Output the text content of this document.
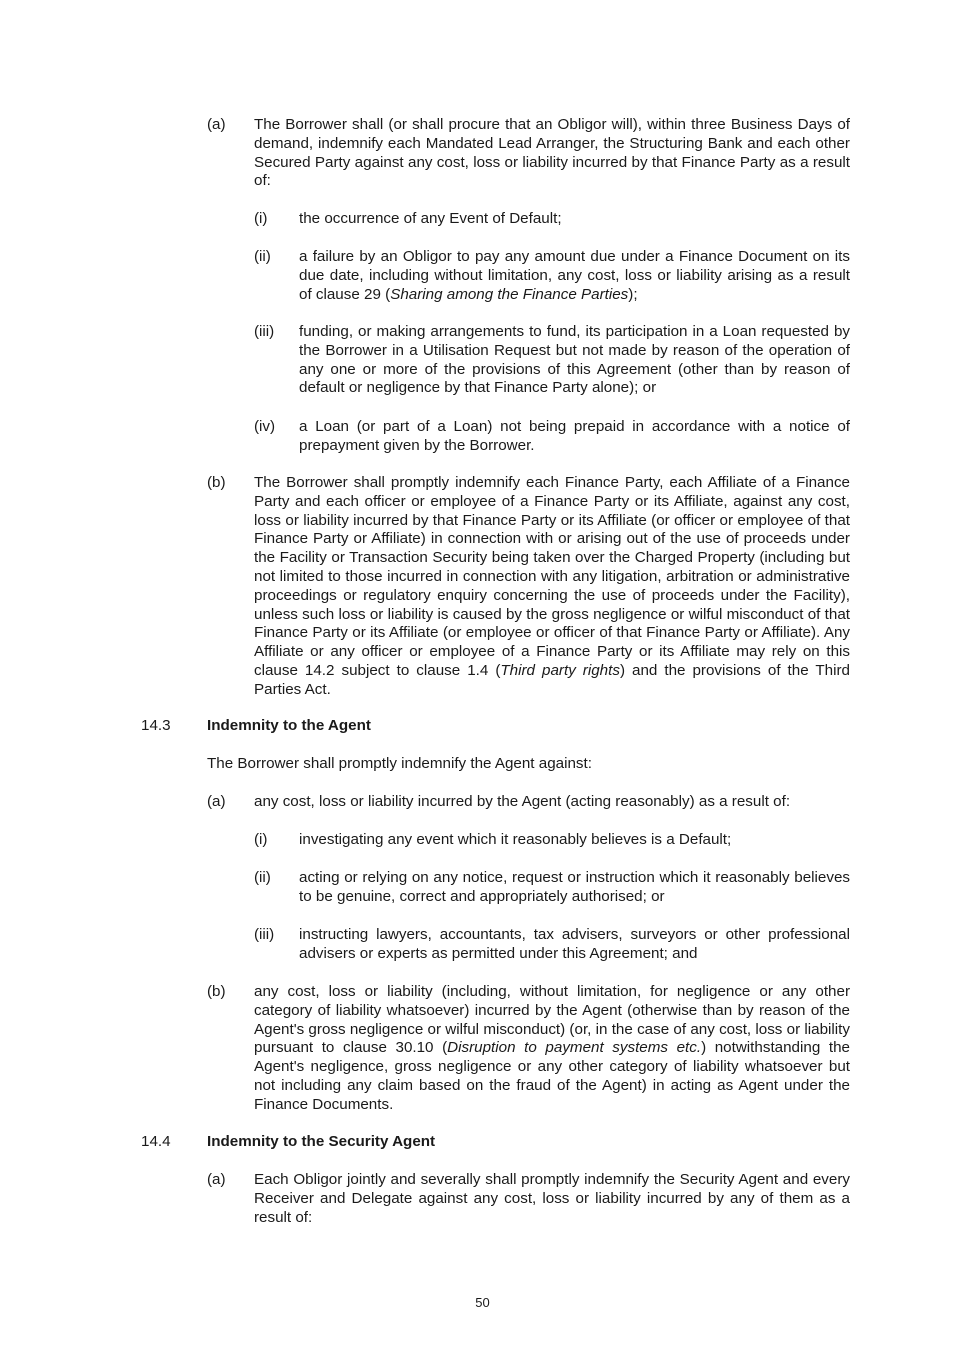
(a) The Borrower shall (or shall procure that an Obligor will), within three Business Days of demand, indemnify each Mandated Lead Arranger, the Structuring Bank and each other Secured Party against any cost, loss or liability incurred by that Finance Party as a result of:

(i) the occurrence of any Event of Default;

(ii) a failure by an Obligor to pay any amount due under a Finance Document on its due date, including without limitation, any cost, loss or liability arising as a result of clause 29 (Sharing among the Finance Parties);

(iii) funding, or making arrangements to fund, its participation in a Loan requested by the Borrower in a Utilisation Request but not made by reason of the operation of any one or more of the provisions of this Agreement (other than by reason of default or negligence by that Finance Party alone); or

(iv) a Loan (or part of a Loan) not being prepaid in accordance with a notice of prepayment given by the Borrower.

(b) The Borrower shall promptly indemnify each Finance Party, each Affiliate of a Finance Party and each officer or employee of a Finance Party or its Affiliate, against any cost, loss or liability incurred by that Finance Party or its Affiliate (or officer or employee of that Finance Party or Affiliate) in connection with or arising out of the use of proceeds under the Facility or Transaction Security being taken over the Charged Property (including but not limited to those incurred in connection with any litigation, arbitration or administrative proceedings or regulatory enquiry concerning the use of proceeds under the Facility), unless such loss or liability is caused by the gross negligence or wilful misconduct of that Finance Party or its Affiliate (or employee or officer of that Finance Party or Affiliate). Any Affiliate or any officer or employee of a Finance Party or its Affiliate may rely on this clause 14.2 subject to clause 1.4 (Third party rights) and the provisions of the Third Parties Act.

14.3 Indemnity to the Agent

The Borrower shall promptly indemnify the Agent against:

(a) any cost, loss or liability incurred by the Agent (acting reasonably) as a result of:

(i) investigating any event which it reasonably believes is a Default;

(ii) acting or relying on any notice, request or instruction which it reasonably believes to be genuine, correct and appropriately authorised; or

(iii) instructing lawyers, accountants, tax advisers, surveyors or other professional advisers or experts as permitted under this Agreement; and

(b) any cost, loss or liability (including, without limitation, for negligence or any other category of liability whatsoever) incurred by the Agent (otherwise than by reason of the Agent's gross negligence or wilful misconduct) (or, in the case of any cost, loss or liability pursuant to clause 30.10 (Disruption to payment systems etc.) notwithstanding the Agent's negligence, gross negligence or any other category of liability whatsoever but not including any claim based on the fraud of the Agent) in acting as Agent under the Finance Documents.

14.4 Indemnity to the Security Agent

(a) Each Obligor jointly and severally shall promptly indemnify the Security Agent and every Receiver and Delegate against any cost, loss or liability incurred by any of them as a result of:

50
